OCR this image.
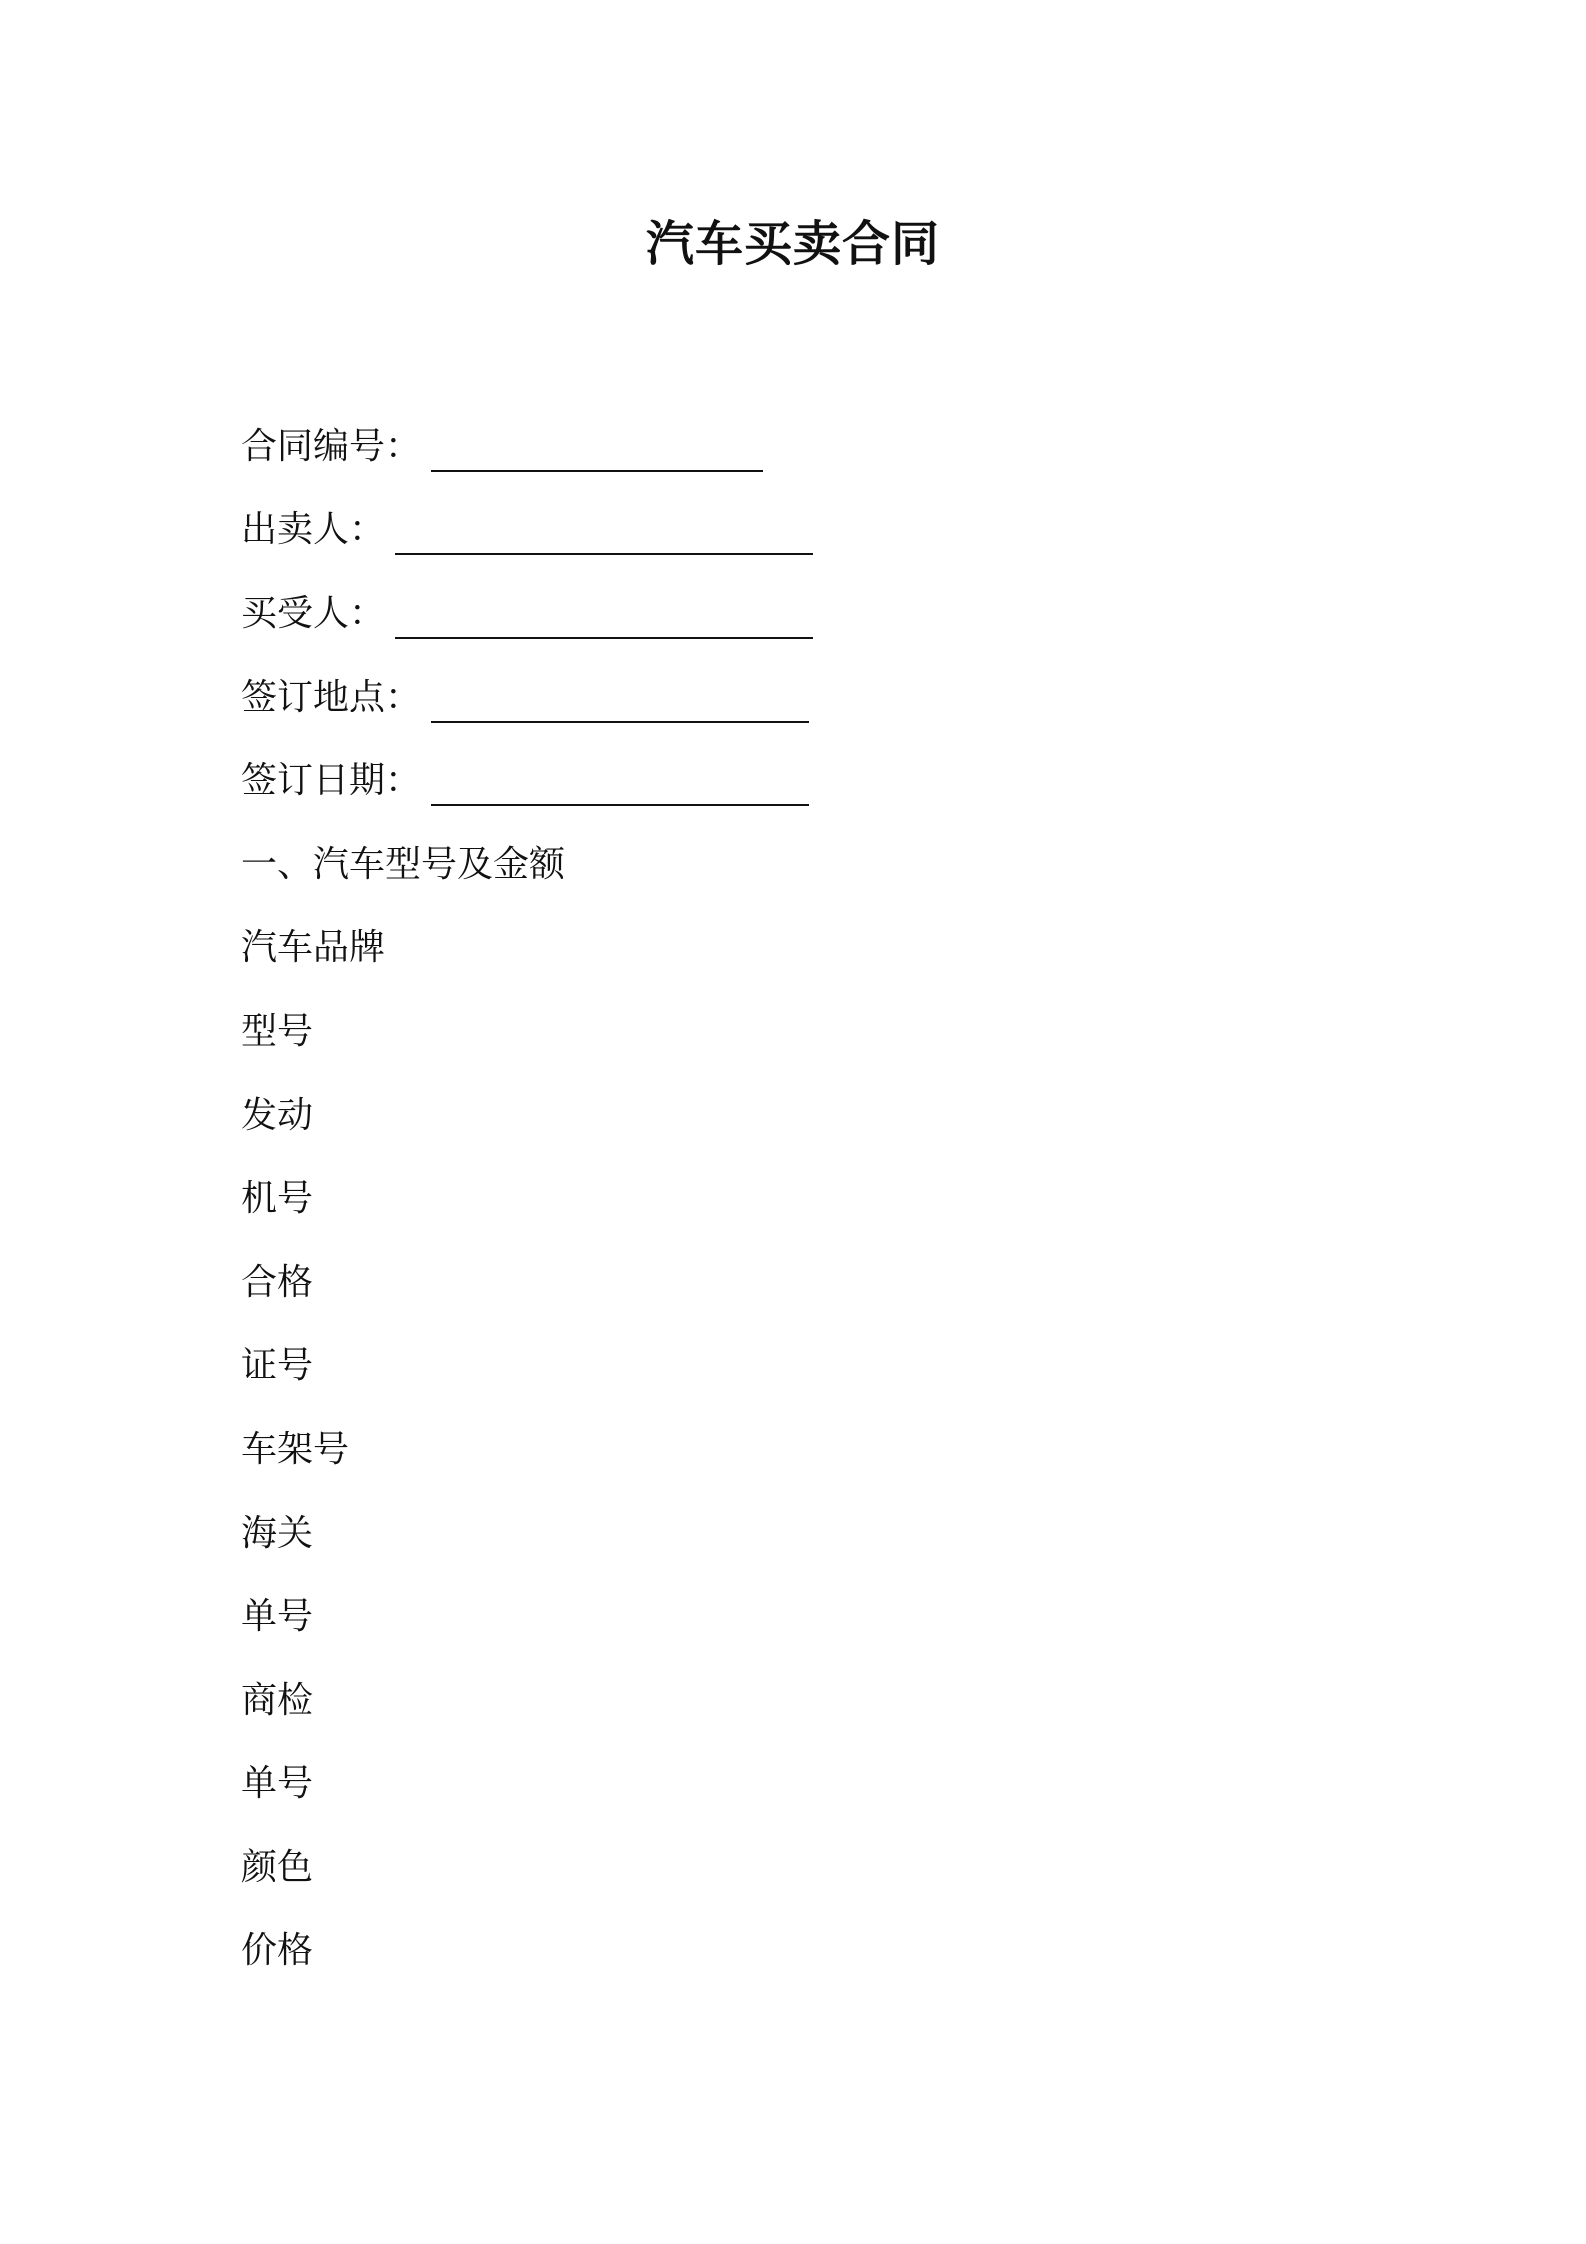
汽车买卖合同
合同编号：
出卖人：
买受人：
签订地点：
签订日期：
一、汽车型号及金额
汽车品牌
型号
发动
机号
合格
证号
车架号
海关
单号
商检
单号
颜色
价格
